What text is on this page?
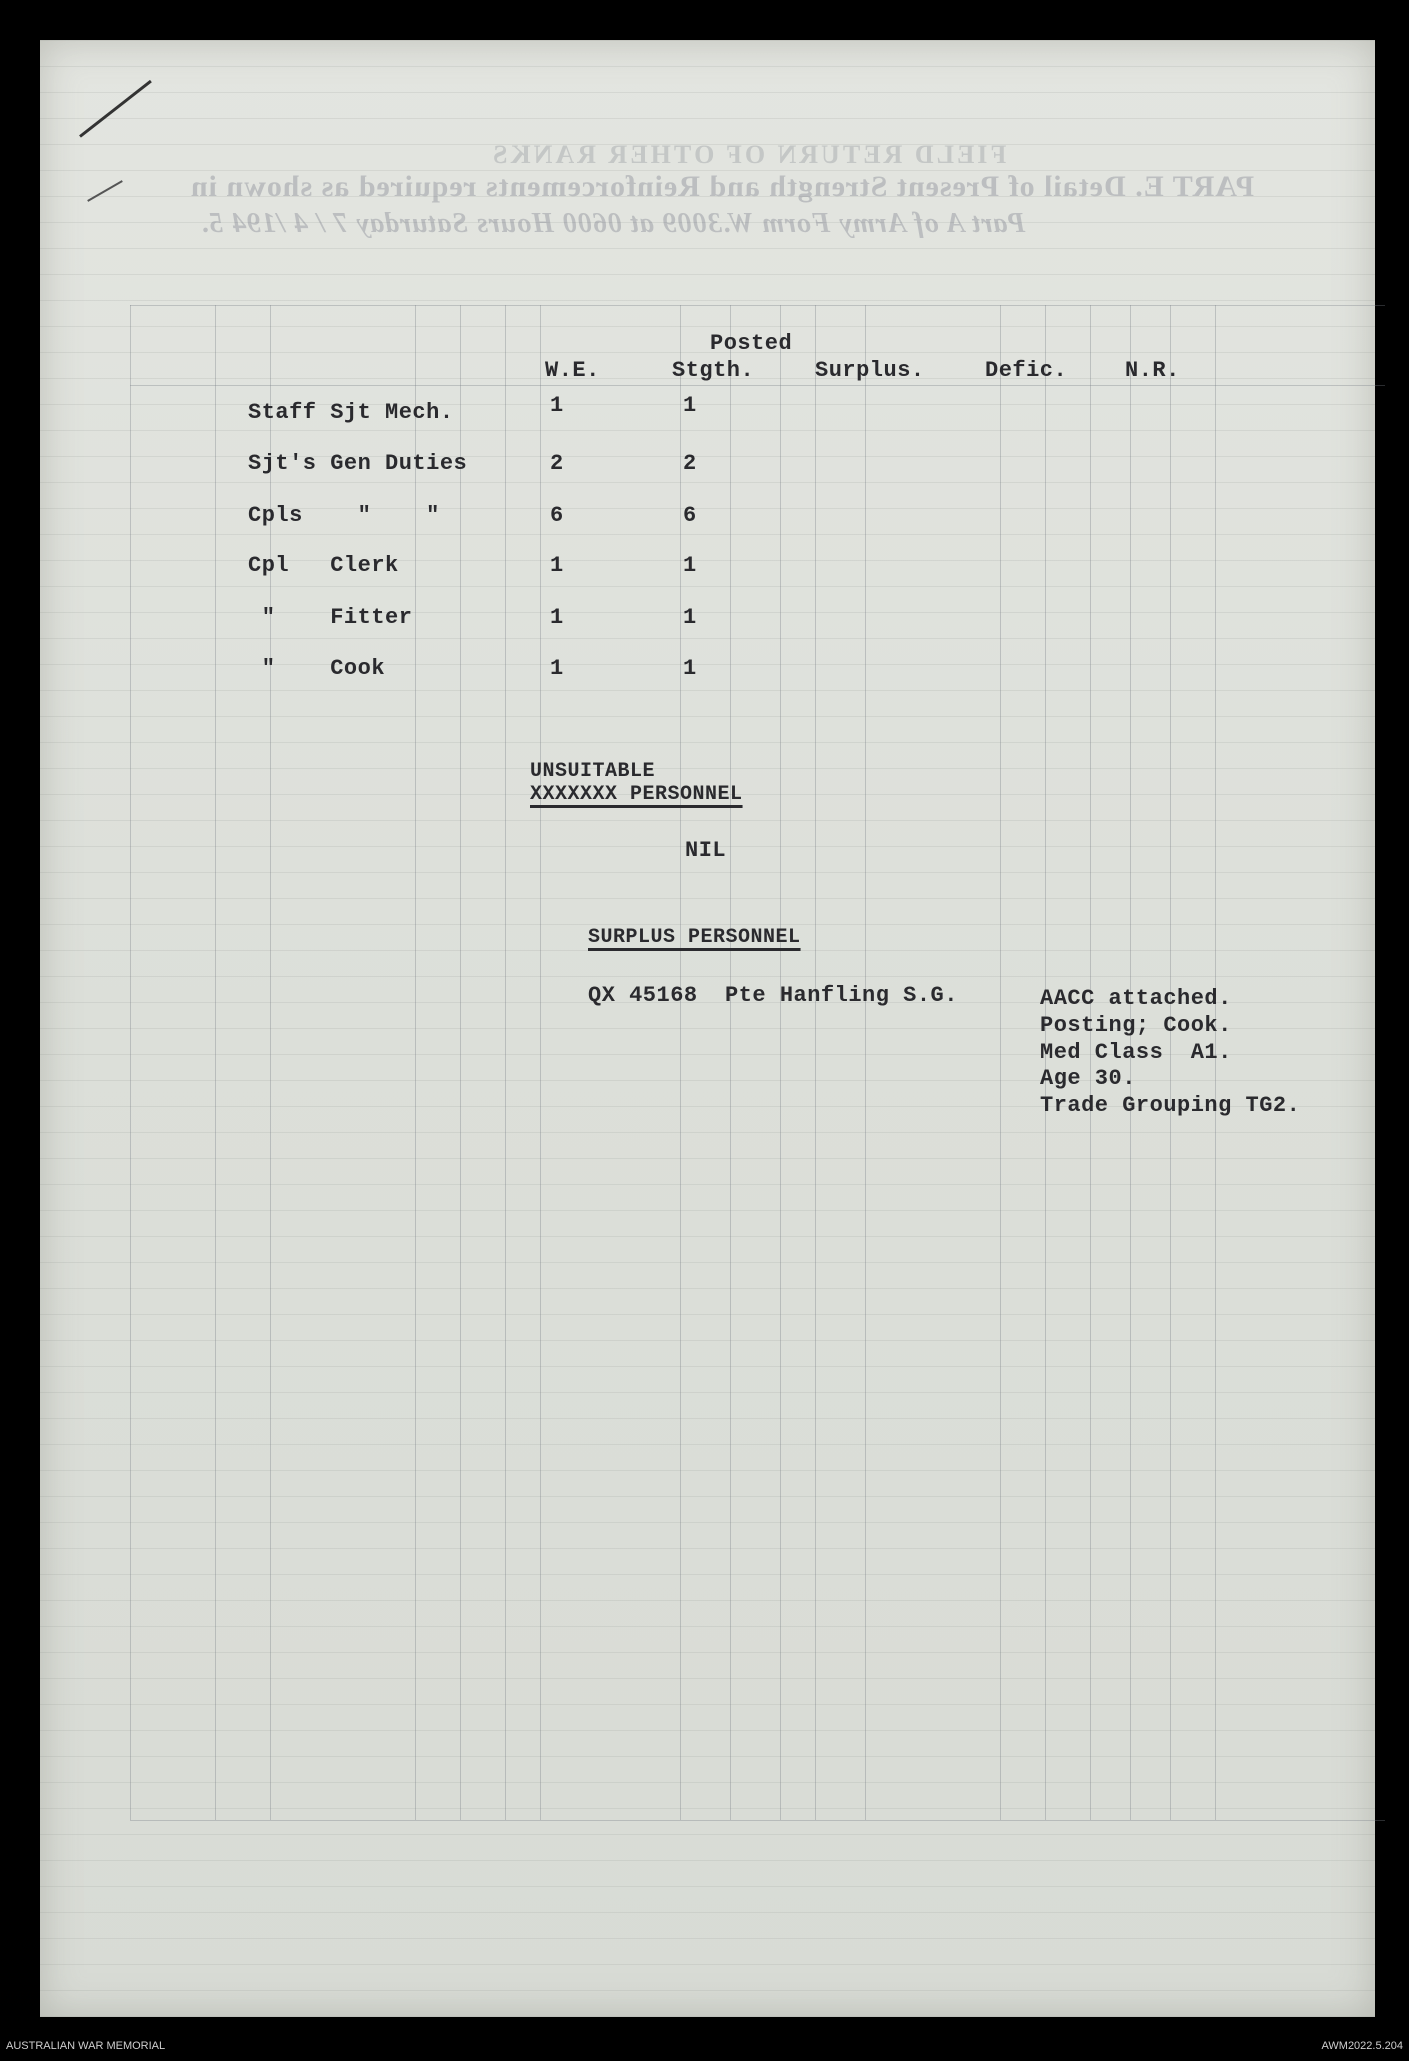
FIELD RETURN OF OTHER RANKS
PART E. Detail of Present Strength and Reinforcements required as shown in
Part A of Army Form W.3009 at 0600 Hours Saturday 7 / 4 /194 5.
W.E.
Posted
Stgth.	Surplus.	Defic.	N.R.
Staff Sjt Mech.	1	1
Sjt's Gen Duties	2	2
Cpls    "    "	6	6
Cpl   Clerk	1	1
"    Fitter	1	1
"    Cook	1	1
UNSUITABLE
XXXXXXX PERSONNEL
NIL
SURPLUS PERSONNEL
QX 45168  Pte Hanfling S.G.	AACC attached.
Posting; Cook.
Med Class  A1.
Age 30.
Trade Grouping TG2.
AUSTRALIAN WAR MEMORIAL	AWM2022.5.204
